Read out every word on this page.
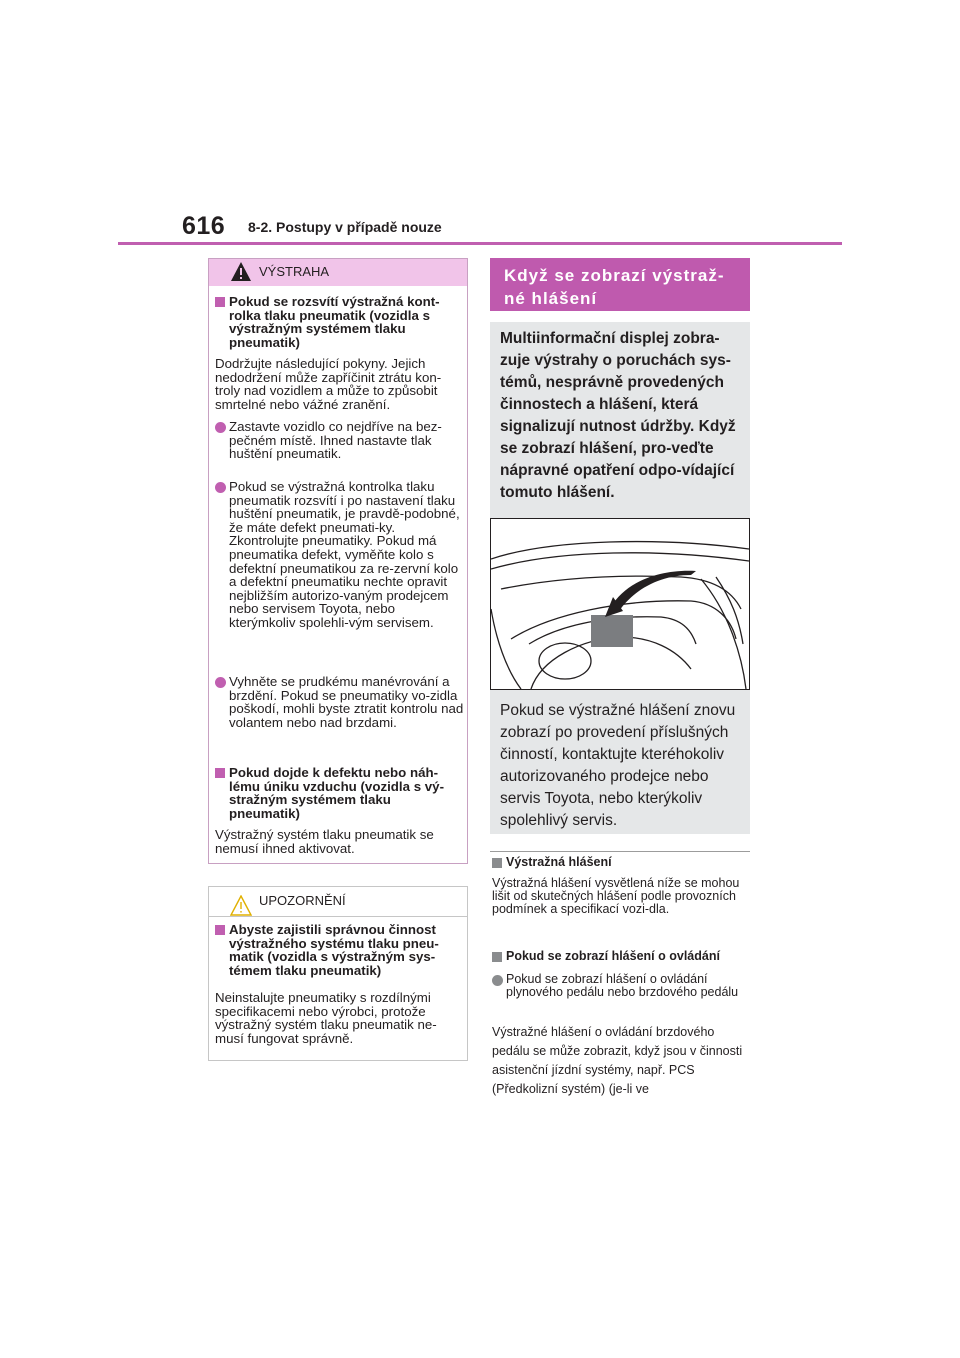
616 8-2. Postupy v případě nouze
VÝSTRAHA

Pokud se rozsvítí výstražná kont-rolka tlaku pneumatik (vozidla s výstražným systémem tlaku pneumatik)

Dodržujte následující pokyny. Jejich nedodržení může zapříčinit ztrátu kon-troly nad vozidlem a může to způsobit smrtelné nebo vážné zranění.

Zastavte vozidlo co nejdříve na bez-pečném místě. Ihned nastavte tlak huštění pneumatik.

Pokud se výstražná kontrolka tlaku pneumatik rozsvítí i po nastavení tlaku huštění pneumatik, je pravdě-podobné, že máte defekt pneumati-ky. Zkontrolujte pneumatiky. Pokud má pneumatika defekt, vyměňte kolo s defektní pneumatikou za re-zervní kolo a defektní pneumatiku nechte opravit nejbližším autorizo-vaným prodejcem nebo servisem Toyota, nebo kterýmkoliv spolehli-vým servisem.

Vyhněte se prudkému manévrování a brzdění. Pokud se pneumatiky vo-zidla poškodí, mohli byste ztratit kontrolu nad volantem nebo nad brzdami.

Pokud dojde k defektu nebo náh-lému úniku vzduchu (vozidla s vý-stražným systémem tlaku pneumatik)

Výstražný systém tlaku pneumatik se nemusí ihned aktivovat.

UPOZORNĚNÍ

Abyste zajistili správnou činnost výstražného systému tlaku pneu-matik (vozidla s výstražným sys-témem tlaku pneumatik)

Neinstalujte pneumatiky s rozdílnými specifikacemi nebo výrobci, protože výstražný systém tlaku pneumatik ne-musí fungovat správně.

Když se zobrazí výstraž-né hlášení
Multiinformační displej zobra-zuje výstrahy o poruchách sys-témů, nesprávně provedených činnostech a hlášení, která signalizují nutnost údržby. Když se zobrazí hlášení, pro-veďte nápravné opatření odpo-vídající tomuto hlášení.
Pokud se výstražné hlášení znovu zobrazí po provedení příslušných činností, kontaktujte kteréhokoliv autorizovaného prodejce nebo servis Toyota, nebo kterýkoliv spolehlivý servis.
Výstražná hlášení
Výstražná hlášení vysvětlená níže se mohou lišit od skutečných hlášení podle provozních podmínek a specifikací vozi-dla.
Pokud se zobrazí hlášení o ovládání
Pokud se zobrazí hlášení o ovládání plynového pedálu nebo brzdového pedálu
Výstražné hlášení o ovládání brzdového pedálu se může zobrazit, když jsou v činnosti asistenční jízdní systémy, např. PCS (Předkolizní systém) (je-li ve
